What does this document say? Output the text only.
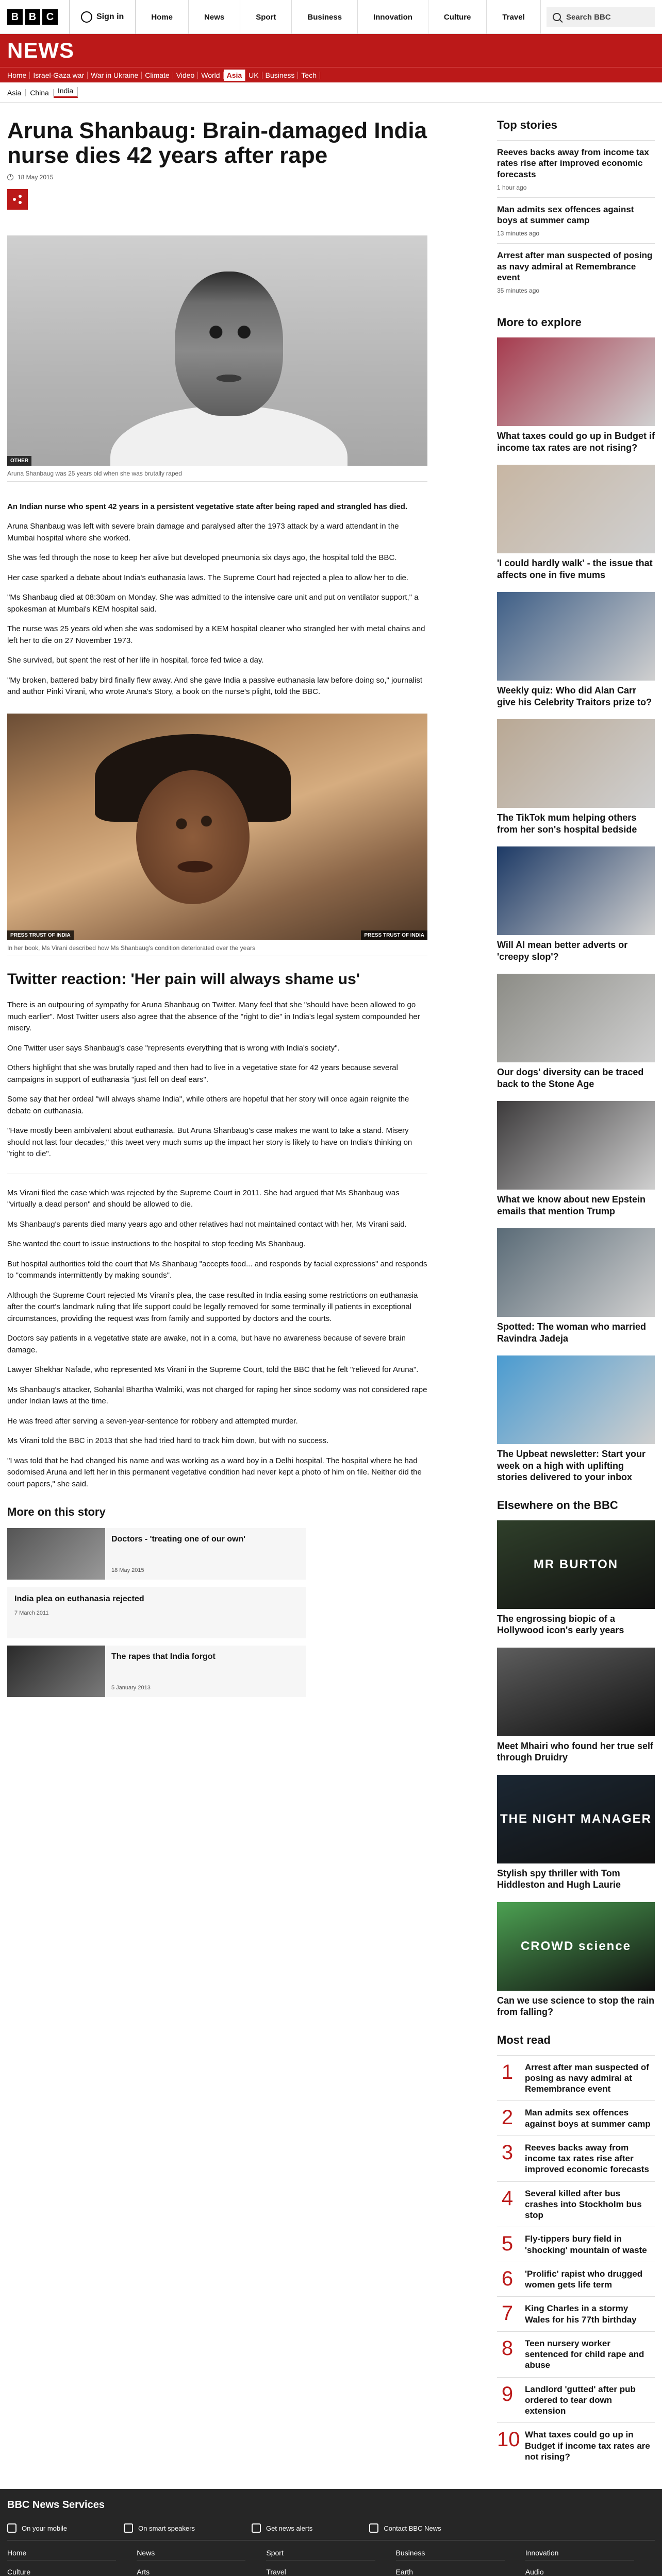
B B C	Sign in	Home	News	Sport	Business	Innovation	Culture	Travel	Search BBC
NEWS
Home Israel-Gaza war War in Ukraine Climate Video World Asia UK Business Tech
Asia	China	India
Aruna Shanbaug: Brain-damaged India nurse dies 42 years after rape
18 May 2015
OTHER
Aruna Shanbaug was 25 years old when she was brutally raped

An Indian nurse who spent 42 years in a persistent vegetative state after being raped and strangled has died.

Aruna Shanbaug was left with severe brain damage and paralysed after the 1973 attack by a ward attendant in the Mumbai hospital where she worked.

She was fed through the nose to keep her alive but developed pneumonia six days ago, the hospital told the BBC.

Her case sparked a debate about India's euthanasia laws. The Supreme Court had rejected a plea to allow her to die.

"Ms Shanbaug died at 08:30am on Monday. She was admitted to the intensive care unit and put on ventilator support," a spokesman at Mumbai's KEM hospital said.

The nurse was 25 years old when she was sodomised by a KEM hospital cleaner who strangled her with metal chains and left her to die on 27 November 1973.

She survived, but spent the rest of her life in hospital, force fed twice a day.

"My broken, battered baby bird finally flew away. And she gave India a passive euthanasia law before doing so," journalist and author Pinki Virani, who wrote Aruna's Story, a book on the nurse's plight, told the BBC.

PRESS TRUST OF INDIA	PRESS TRUST OF INDIA
In her book, Ms Virani described how Ms Shanbaug's condition deteriorated over the years
Twitter reaction: 'Her pain will always shame us'

There is an outpouring of sympathy for Aruna Shanbaug on Twitter. Many feel that she "should have been allowed to go much earlier". Most Twitter users also agree that the absence of the "right to die" in India's legal system compounded her misery.

One Twitter user says Shanbaug's case "represents everything that is wrong with India's society".

Others highlight that she was brutally raped and then had to live in a vegetative state for 42 years because several campaigns in support of euthanasia "just fell on deaf ears".

Some say that her ordeal "will always shame India", while others are hopeful that her story will once again reignite the debate on euthanasia.

"Have mostly been ambivalent about euthanasia. But Aruna Shanbaug's case makes me want to take a stand. Misery should not last four decades," this tweet very much sums up the impact her story is likely to have on India's thinking on "right to die".

Ms Virani filed the case which was rejected by the Supreme Court in 2011. She had argued that Ms Shanbaug was "virtually a dead person" and should be allowed to die.

Ms Shanbaug's parents died many years ago and other relatives had not maintained contact with her, Ms Virani said.

She wanted the court to issue instructions to the hospital to stop feeding Ms Shanbaug.

But hospital authorities told the court that Ms Shanbaug "accepts food... and responds by facial expressions" and responds to "commands intermittently by making sounds".

Although the Supreme Court rejected Ms Virani's plea, the case resulted in India easing some restrictions on euthanasia after the court's landmark ruling that life support could be legally removed for some terminally ill patients in exceptional circumstances, providing the request was from family and supported by doctors and the courts.

Doctors say patients in a vegetative state are awake, not in a coma, but have no awareness because of severe brain damage.

Lawyer Shekhar Nafade, who represented Ms Virani in the Supreme Court, told the BBC that he felt "relieved for Aruna".

Ms Shanbaug's attacker, Sohanlal Bhartha Walmiki, was not charged for raping her since sodomy was not considered rape under Indian laws at the time.

He was freed after serving a seven-year-sentence for robbery and attempted murder.

Ms Virani told the BBC in 2013 that she had tried hard to track him down, but with no success.

"I was told that he had changed his name and was working as a ward boy in a Delhi hospital. The hospital where he had sodomised Aruna and left her in this permanent vegetative condition had never kept a photo of him on file. Neither did the court papers," she said.

More on this story
Doctors - 'treating one of our own'
18 May 2015
India plea on euthanasia rejected
7 March 2011
The rapes that India forgot
5 January 2013
Top stories
Reeves backs away from income tax rates rise after improved economic forecasts
1 hour ago
Man admits sex offences against boys at summer camp
13 minutes ago
Arrest after man suspected of posing as navy admiral at Remembrance event
35 minutes ago
More to explore
What taxes could go up in Budget if income tax rates are not rising?
'I could hardly walk' - the issue that affects one in five mums
Weekly quiz: Who did Alan Carr give his Celebrity Traitors prize to?
The TikTok mum helping others from her son's hospital bedside
Will AI mean better adverts or 'creepy slop'?
Our dogs' diversity can be traced back to the Stone Age
What we know about new Epstein emails that mention Trump
Spotted: The woman who married Ravindra Jadeja
The Upbeat newsletter: Start your week on a high with uplifting stories delivered to your inbox
Elsewhere on the BBC
MR BURTON
The engrossing biopic of a Hollywood icon's early years
Meet Mhairi who found her true self through Druidry
THE NIGHT MANAGER
Stylish spy thriller with Tom Hiddleston and Hugh Laurie
CROWD science
Can we use science to stop the rain from falling?
Most read
1	Arrest after man suspected of posing as navy admiral at Remembrance event
2	Man admits sex offences against boys at summer camp
3	Reeves backs away from income tax rates rise after improved economic forecasts
4	Several killed after bus crashes into Stockholm bus stop
5	Fly-tippers bury field in 'shocking' mountain of waste
6	'Prolific' rapist who drugged women gets life term
7	King Charles in a stormy Wales for his 77th birthday
8	Teen nursery worker sentenced for child rape and abuse
9	Landlord 'gutted' after pub ordered to tear down extension
10 What taxes could go up in Budget if income tax rates are not rising?
BBC News Services
On your mobile	On smart speakers	Get news alerts	Contact BBC News
Home	News	Sport	Business	Innovation
Culture	Arts	Travel	Earth	Audio
